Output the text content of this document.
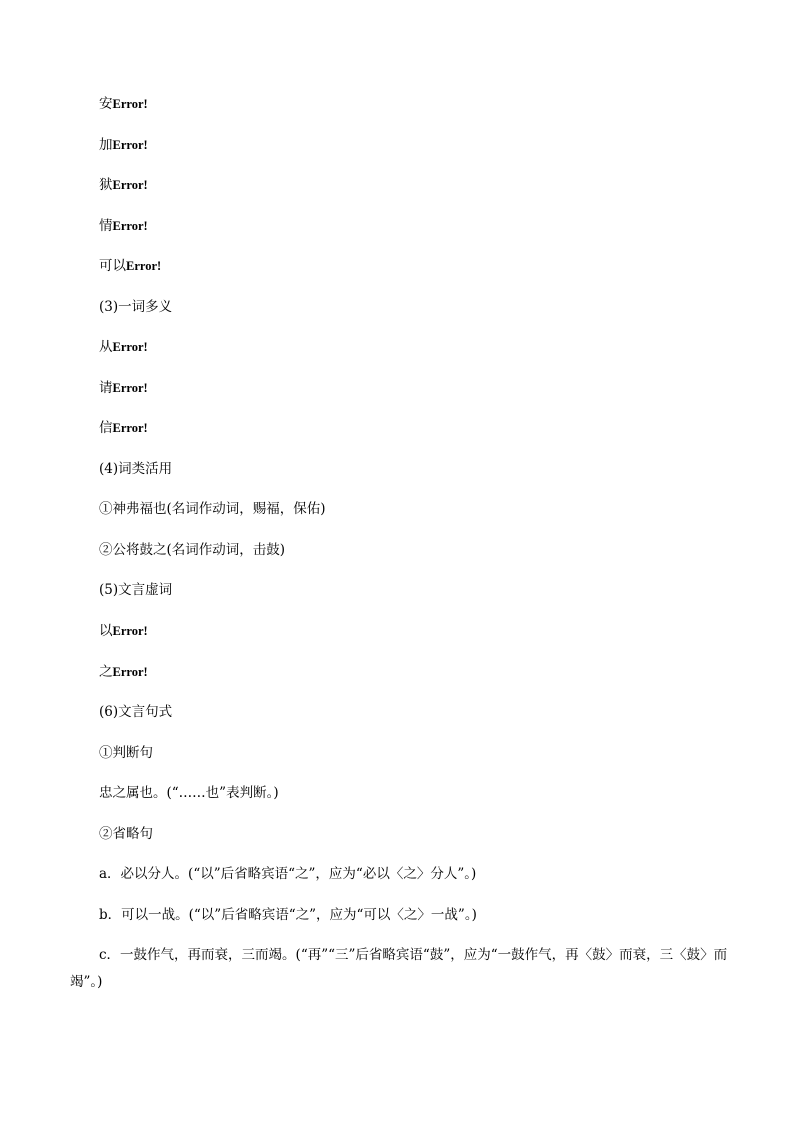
安Error!
加Error!
狱Error!
情Error!
可以Error!
(3)一词多义
从Error!
请Error!
信Error!
(4)词类活用
①神弗福也(名词作动词，赐福，保佑)
②公将鼓之(名词作动词，击鼓)
(5)文言虚词
以Error!
之Error!
(6)文言句式
①判断句
忠之属也。(“……也”表判断。)
②省略句
a．必以分人。(“以”后省略宾语“之”，应为“必以〈之〉分人”。)
b．可以一战。(“以”后省略宾语“之”，应为“可以〈之〉一战”。)
c．一鼓作气，再而衰，三而竭。(“再”“三”后省略宾语“鼓”，应为“一鼓作气，再〈鼓〉而衰，三〈鼓〉而竭”。)
